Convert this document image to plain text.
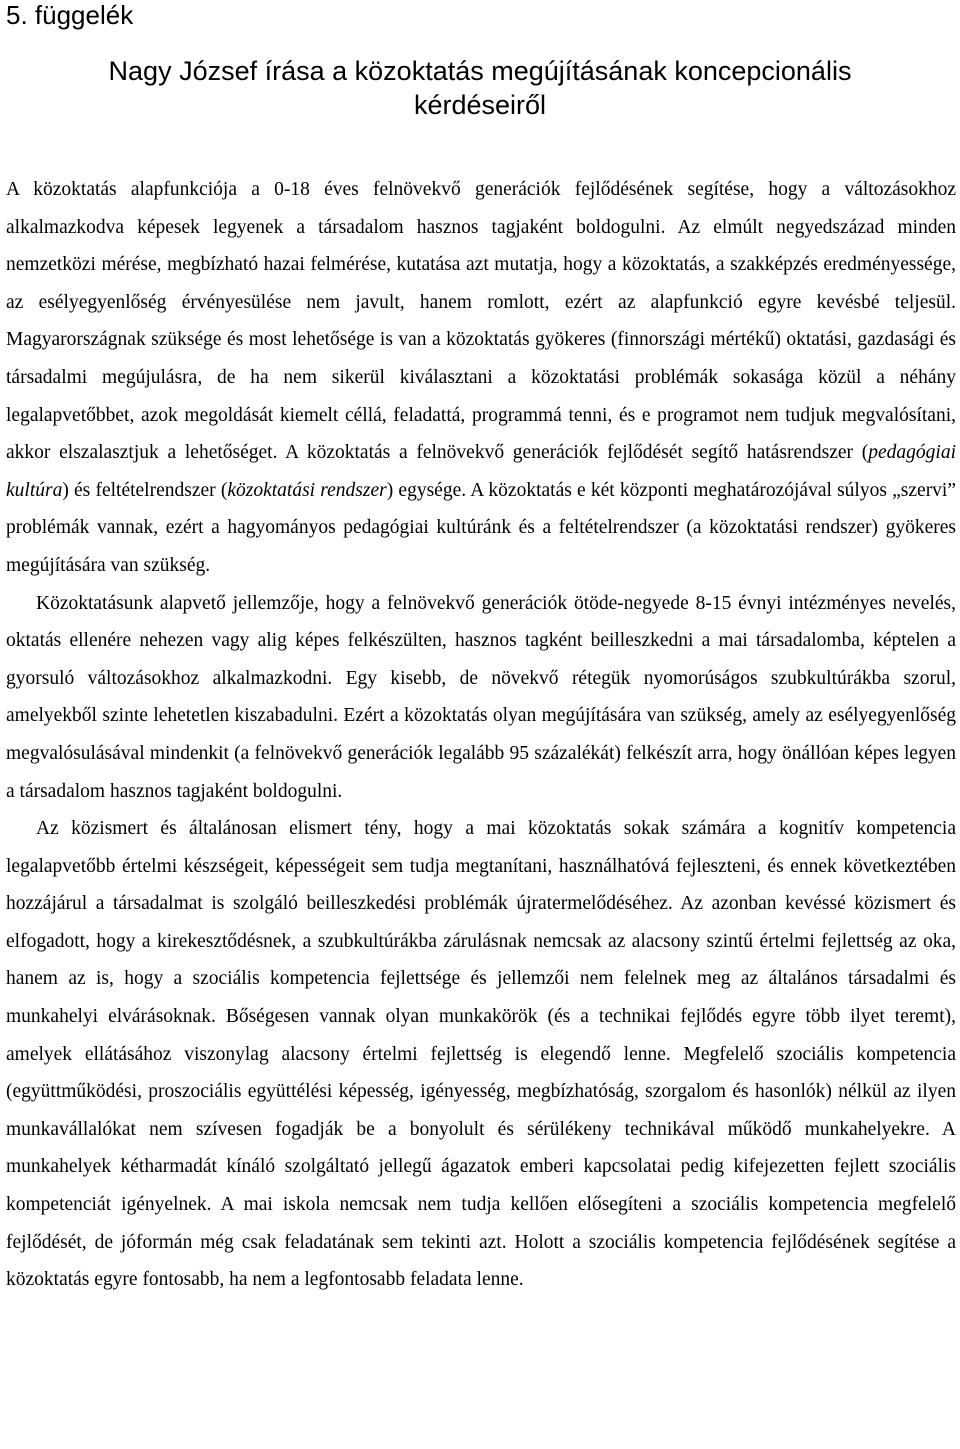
5. függelék
Nagy József írása a közoktatás megújításának koncepcionális
kérdéseiről

A közoktatás alapfunkciója a 0-18 éves felnövekvő generációk fejlődésének segítése, hogy a változásokhoz alkalmazkodva képesek legyenek a társadalom hasznos tagjaként boldogulni. Az elmúlt negyedszázad minden nemzetközi mérése, megbízható hazai felmérése, kutatása azt mutatja, hogy a közoktatás, a szakképzés eredményessége, az esélyegyenlőség érvényesülése nem javult, hanem romlott, ezért az alapfunkció egyre kevésbé teljesül. Magyarországnak szüksége és most lehetősége is van a közoktatás gyökeres (finnországi mértékű) oktatási, gazdasági és társadalmi megújulásra, de ha nem sikerül kiválasztani a közoktatási problémák sokasága közül a néhány legalapvetőbbet, azok megoldását kiemelt céllá, feladattá, programmá tenni, és e programot nem tudjuk megvalósítani, akkor elszalasztjuk a lehetőséget. A közoktatás a felnövekvő generációk fejlődését segítő hatásrendszer (pedagógiai kultúra) és feltételrendszer (közoktatási rendszer) egysége. A közoktatás e két központi meghatározójával súlyos „szervi” problémák vannak, ezért a hagyományos pedagógiai kultúránk és a feltételrendszer (a közoktatási rendszer) gyökeres megújítására van szükség.

Közoktatásunk alapvető jellemzője, hogy a felnövekvő generációk ötöde-negyede 8-15 évnyi intézményes nevelés, oktatás ellenére nehezen vagy alig képes felkészülten, hasznos tagként beilleszkedni a mai társadalomba, képtelen a gyorsuló változásokhoz alkalmazkodni. Egy kisebb, de növekvő rétegük nyomorúságos szubkultúrákba szorul, amelyekből szinte lehetetlen kiszabadulni. Ezért a közoktatás olyan megújítására van szükség, amely az esélyegyenlőség megvalósulásával mindenkit (a felnövekvő generációk legalább 95 százalékát) felkészít arra, hogy önállóan képes legyen a társadalom hasznos tagjaként boldogulni.

Az közismert és általánosan elismert tény, hogy a mai közoktatás sokak számára a kognitív kompetencia legalapvetőbb értelmi készségeit, képességeit sem tudja megtanítani, használhatóvá fejleszteni, és ennek következtében hozzájárul a társadalmat is szolgáló beilleszkedési problémák újratermelődéséhez. Az azonban kevéssé közismert és elfogadott, hogy a kirekesztődésnek, a szubkultúrákba zárulásnak nemcsak az alacsony szintű értelmi fejlettség az oka, hanem az is, hogy a szociális kompetencia fejlettsége és jellemzői nem felelnek meg az általános társadalmi és munkahelyi elvárásoknak. Bőségesen vannak olyan munkakörök (és a technikai fejlődés egyre több ilyet teremt), amelyek ellátásához viszonylag alacsony értelmi fejlettség is elegendő lenne. Megfelelő szociális kompetencia (együttműködési, proszociális együttélési képesség, igényesség, megbízhatóság, szorgalom és hasonlók) nélkül az ilyen munkavállalókat nem szívesen fogadják be a bonyolult és sérülékeny technikával működő munkahelyekre. A munkahelyek kétharmadát kínáló szolgáltató jellegű ágazatok emberi kapcsolatai pedig kifejezetten fejlett szociális kompetenciát igényelnek. A mai iskola nemcsak nem tudja kellően elősegíteni a szociális kompetencia megfelelő fejlődését, de jóformán még csak feladatának sem tekinti azt. Holott a szociális kompetencia fejlődésének segítése a közoktatás egyre fontosabb, ha nem a legfontosabb feladata lenne.
